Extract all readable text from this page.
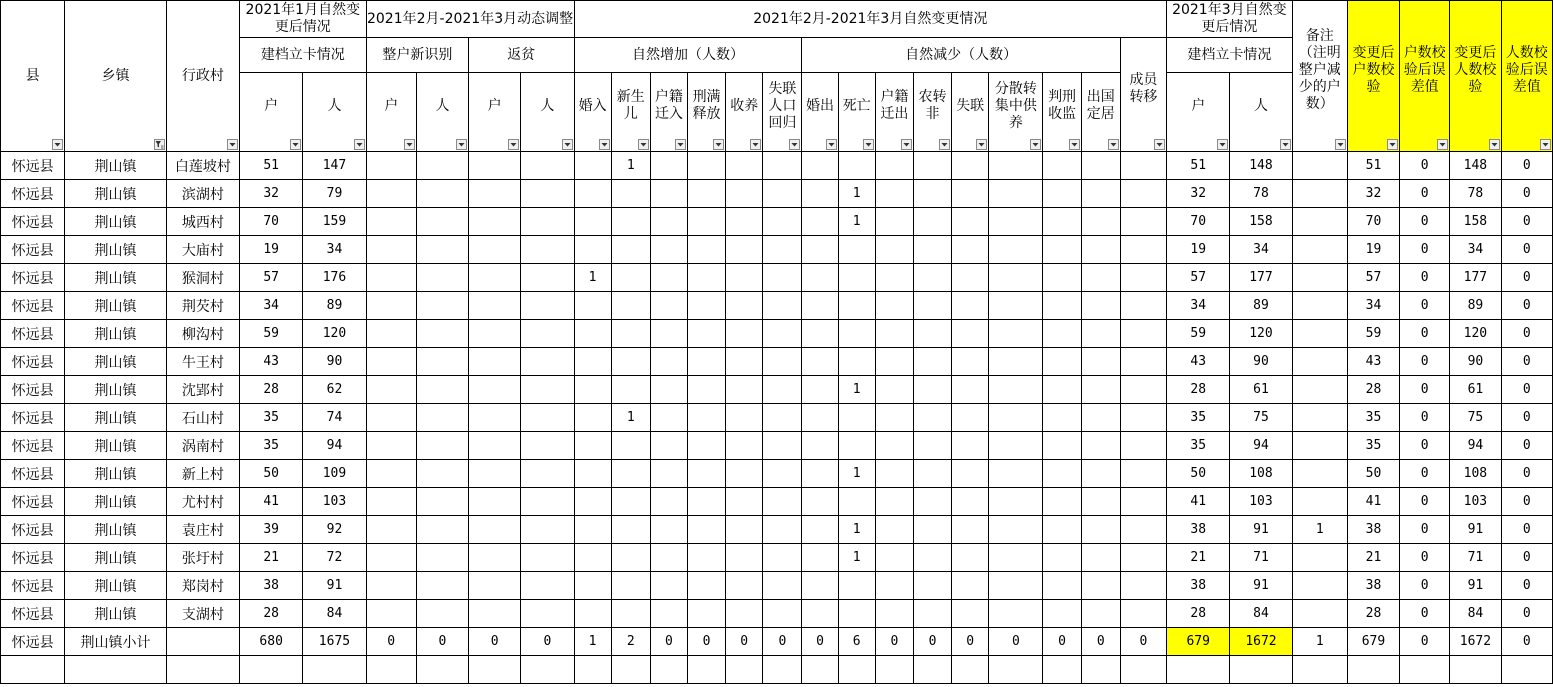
县	乡镇	行政村	2021年1月自然变更后情况		2021年2月-2021年3月动态调整				2021年2月-2021年3月自然变更情况															2021年3月自然变更后情况		备注（注明整户减少的户数）	变更后户数校验	户数校验后误差值	变更后人数校验	人数校验后误差值

			建档立卡情况		整户新识别		返贫		自然增加（人数）						自然减少（人数）								成员转移	建档立卡情况						

			户	人	户	人	户	人	婚入	新生儿	户籍迁入	刑满释放	收养	失联人口回归	婚出	死亡	户籍迁出	农转非	失联	分散转集中供养	判刑收监	出国定居		户	人					

怀远县	荆山镇	白莲坡村	51	147						1														51	148		51	0	148	0
怀远县	荆山镇	滨湖村	32	79												1								32	78		32	0	78	0
怀远县	荆山镇	城西村	70	159												1								70	158		70	0	158	0
怀远县	荆山镇	大庙村	19	34																				19	34		19	0	34	0
怀远县	荆山镇	猴洞村	57	176					1															57	177		57	0	177	0
怀远县	荆山镇	荆芡村	34	89																				34	89		34	0	89	0
怀远县	荆山镇	柳沟村	59	120																				59	120		59	0	120	0
怀远县	荆山镇	牛王村	43	90																				43	90		43	0	90	0
怀远县	荆山镇	沈郢村	28	62												1								28	61		28	0	61	0
怀远县	荆山镇	石山村	35	74						1														35	75		35	0	75	0
怀远县	荆山镇	涡南村	35	94																				35	94		35	0	94	0
怀远县	荆山镇	新上村	50	109												1								50	108		50	0	108	0
怀远县	荆山镇	尤村村	41	103																				41	103		41	0	103	0
怀远县	荆山镇	袁庄村	39	92												1								38	91	1	38	0	91	0
怀远县	荆山镇	张圩村	21	72												1								21	71		21	0	71	0
怀远县	荆山镇	郑岗村	38	91																				38	91		38	0	91	0
怀远县	荆山镇	支湖村	28	84																				28	84		28	0	84	0
怀远县	荆山镇小计		680	1675	0	0	0	0	1	2	0	0	0	0	0	6	0	0	0	0	0	0	0	679	1672	1	679	0	1672	0
